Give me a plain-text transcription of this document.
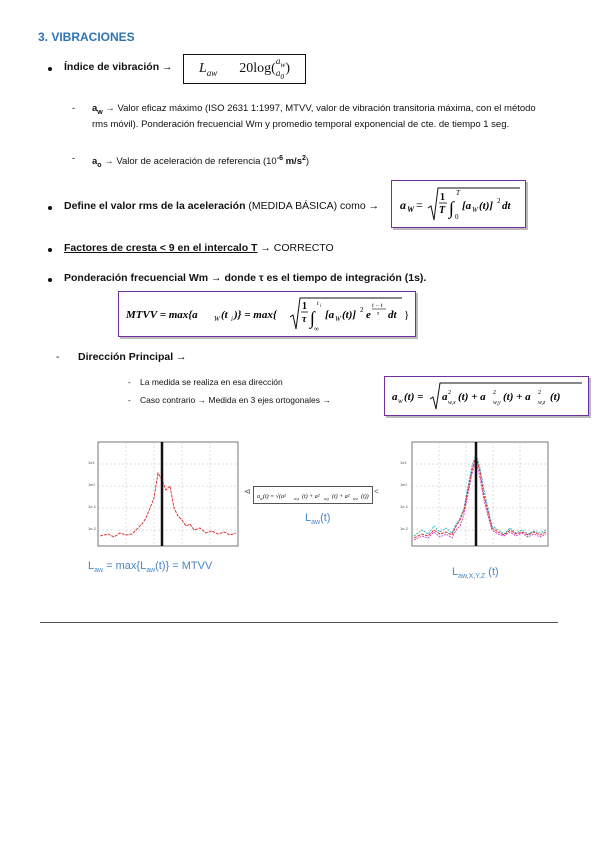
3. VIBRACIONES
Índice de vibración → $L_{aw}$ 20log( $a_w$
$a_0$
)
-	$a_w$ → Valor eficaz máximo (ISO 2631 1:1997, MTVV, valor de vibración transitoria máxima, con el método rms móvil). Ponderación frecuencial Wm y promedio temporal exponencial de cte. de tiempo 1 seg.
-	$a_o$ → Valor de aceleración de referencia ($10^{-6}$ $m/s^2$)
Define el valor rms de la aceleración (MEDIDA BÁSICA) como → a W =
1
T ∫
T
0
[a W (t)] 2 dt
Factores de cresta < 9 en el intercalo T → CORRECTO
Ponderación frecuencial Wm → donde τ es el tiempo de integración (1s).
MTVV = max{a W (t i )} = max{
1
τ ∫
t i
∞
[a W (t)] 2 e
t − t
τ dt }
- Dirección Principal →
- La medida se realiza en esa dirección
- Caso contrario → Medida en 3 ejes ortogonales →	a w (t) = a 2
w,x (t) + a 2
w,y (t) + a 2
w,z (t)
1e1
1e0
1e-1
1e-2
$L_{aw} = \max\{L_{aw}(t)\}$ = MTVV
a w (t) = √(a² w,x (t) + a² w,y (t) + a² w,z (t))
⊲	<
$L_{aw}(t)$
1e1
1e0
1e-1
1e-2
$L_{aw,X,Y,Z}$ (t)
